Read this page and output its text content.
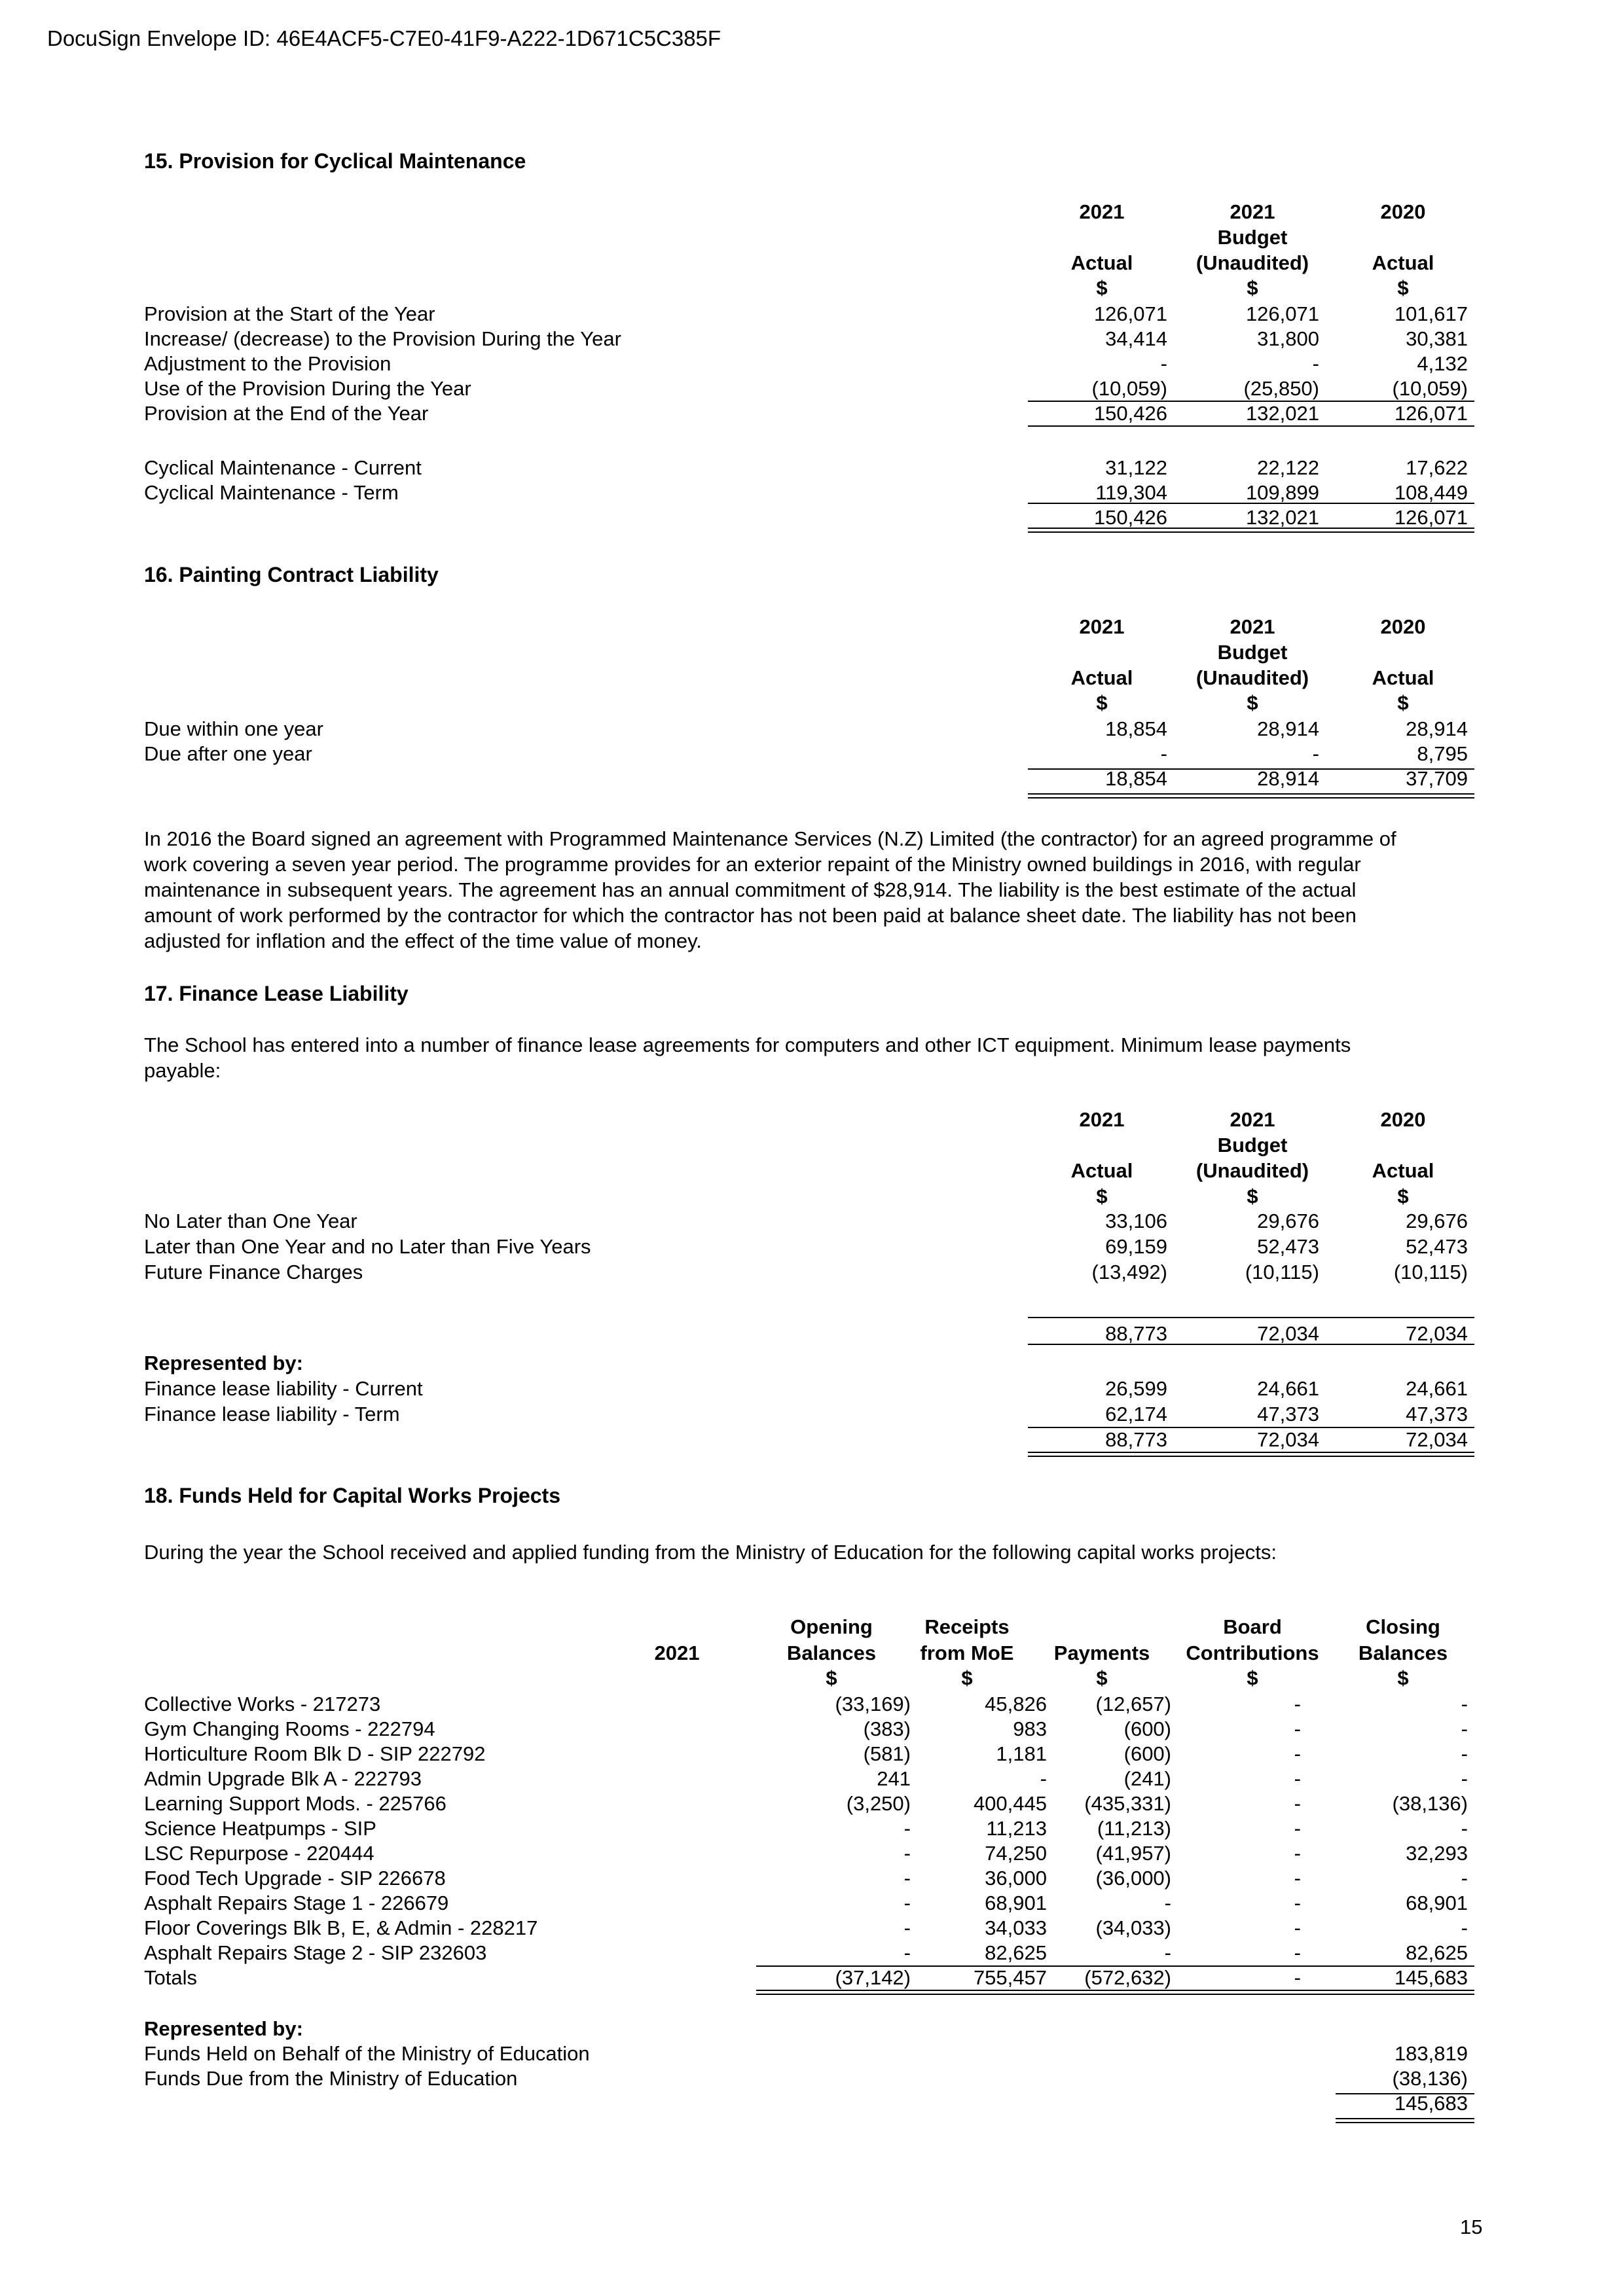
DocuSign Envelope ID: 46E4ACF5-C7E0-41F9-A222-1D671C5C385F
15. Provision for Cyclical Maintenance
2021
Actual
$
2021
Budget
(Unaudited)
$
2020
Actual
$
Provision at the Start of the Year	126,071	126,071	101,617
Increase/ (decrease) to the Provision During the Year	34,414	31,800	30,381
Adjustment to the Provision	-	-	4,132
Use of the Provision During the Year	(10,059)	(25,850)	(10,059)
Provision at the End of the Year	150,426	132,021	126,071
Cyclical Maintenance - Current	31,122	22,122	17,622
Cyclical Maintenance - Term	119,304	109,899	108,449
150,426	132,021	126,071
16. Painting Contract Liability
2021
Actual
$
2021
Budget
(Unaudited)
$
2020
Actual
$
Due within one year	18,854	28,914	28,914
Due after one year	-	-	8,795
18,854	28,914	37,709
In 2016 the Board signed an agreement with Programmed Maintenance Services (N.Z) Limited (the contractor) for an agreed programme of
work covering a seven year period. The programme provides for an exterior repaint of the Ministry owned buildings in 2016, with regular
maintenance in subsequent years. The agreement has an annual commitment of $28,914. The liability is the best estimate of the actual
amount of work performed by the contractor for which the contractor has not been paid at balance sheet date. The liability has not been
adjusted for inflation and the effect of the time value of money.
17. Finance Lease Liability
The School has entered into a number of finance lease agreements for computers and other ICT equipment. Minimum lease payments
payable:
2021
Actual
$
2021
Budget
(Unaudited)
$
2020
Actual
$
No Later than One Year	33,106	29,676	29,676
Later than One Year and no Later than Five Years	69,159	52,473	52,473
Future Finance Charges	(13,492)	(10,115)	(10,115)
88,773	72,034	72,034
Represented by:
Finance lease liability - Current	26,599	24,661	24,661
Finance lease liability - Term	62,174	47,373	47,373
88,773	72,034	72,034
18. Funds Held for Capital Works Projects
During the year the School received and applied funding from the Ministry of Education for the following capital works projects:
2021
Opening
Balances
$
Receipts
from MoE
$
Payments
$
Board
Contributions
$
Closing
Balances
$
Collective Works - 217273	(33,169)	45,826 (12,657)	-	-
Gym Changing Rooms - 222794	(383)	983	(600)	-	-
Horticulture Room Blk D - SIP 222792	(581)	1,181	(600)	-	-
Admin Upgrade Blk A - 222793	241	-	(241)	-	-
Learning Support Mods. - 225766	(3,250)	400,445 (435,331)	-	(38,136)
Science Heatpumps - SIP	-	11,213 (11,213)	-	-
LSC Repurpose - 220444	-	74,250 (41,957)	-	32,293
Food Tech Upgrade - SIP 226678	-	36,000 (36,000)	-	-
Asphalt Repairs Stage 1 - 226679	-	68,901	-	-	68,901
Floor Coverings Blk B, E, & Admin - 228217	-	34,033 (34,033)	-	-
Asphalt Repairs Stage 2 - SIP 232603	-	82,625	-	-	82,625
Totals	(37,142)	755,457 (572,632)	-	145,683
Represented by:
Funds Held on Behalf of the Ministry of Education	183,819
Funds Due from the Ministry of Education	(38,136)
145,683
15
